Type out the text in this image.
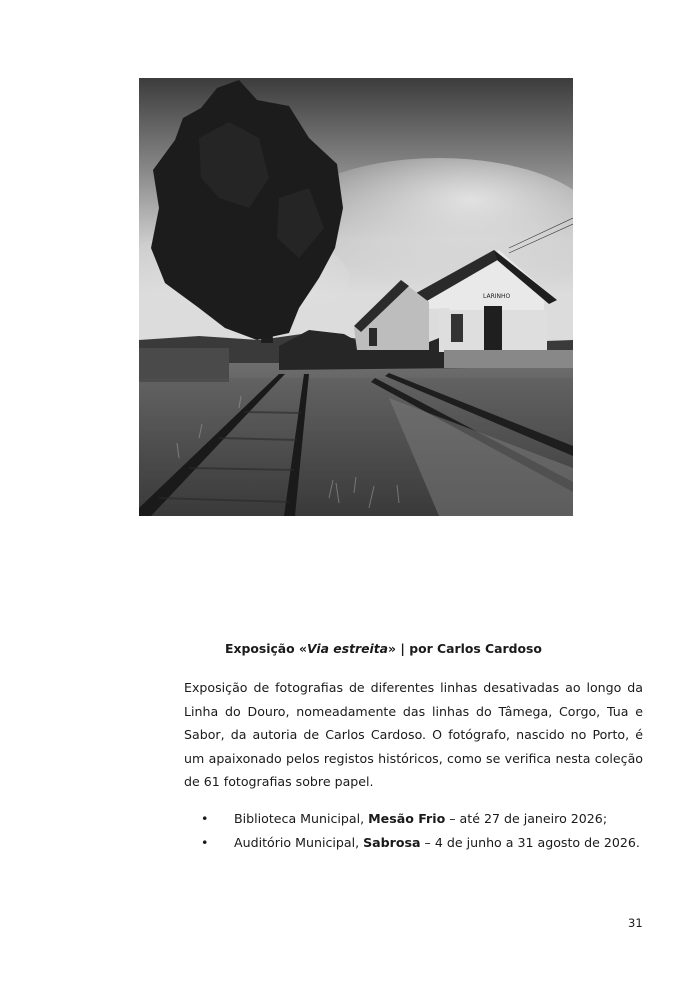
LARINHO
Exposição «Via estreita» | por Carlos Cardoso

Exposição de fotografias de diferentes linhas desativadas ao longo da Linha do Douro, nomeadamente das linhas do Tâmega, Corgo, Tua e Sabor, da autoria de Carlos Cardoso. O fotógrafo, nascido no Porto, é um apaixonado pelos registos históricos, como se verifica nesta coleção de 61 fotografias sobre papel.

• Biblioteca Municipal, Mesão Frio – até 27 de janeiro 2026;
• Auditório Municipal, Sabrosa – 4 de junho a 31 agosto de 2026.
31
